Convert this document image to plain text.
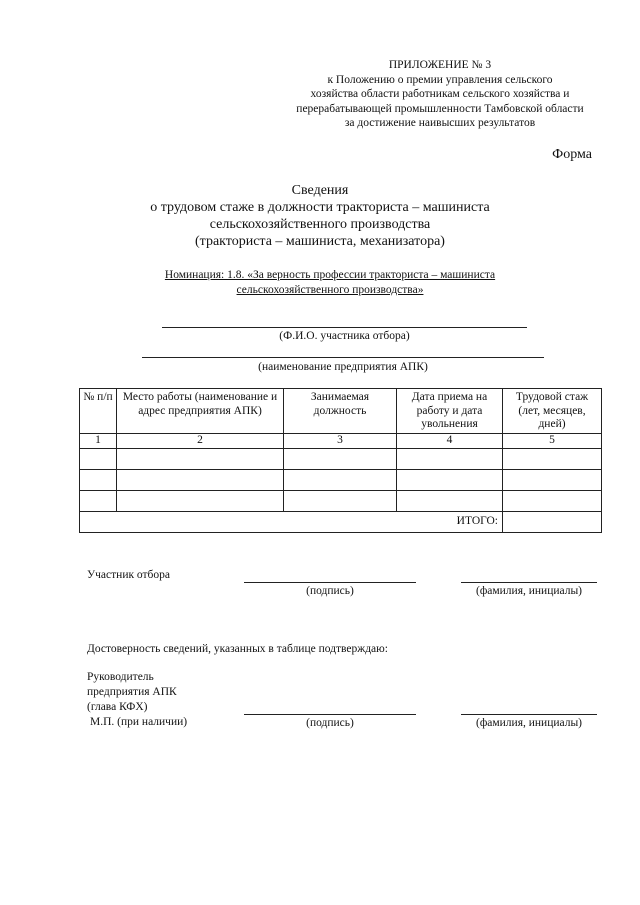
ПРИЛОЖЕНИЕ № 3
к Положению о премии управления сельского
хозяйства области работникам сельского хозяйства и
перерабатывающей промышленности Тамбовской области
за достижение наивысших результатов
Форма
Сведения
о трудовом стаже в должности тракториста – машиниста
сельскохозяйственного производства
(тракториста – машиниста, механизатора)
Номинация: 1.8. «За верность профессии тракториста – машиниста
сельскохозяйственного производства»
(Ф.И.О. участника отбора)
(наименование предприятия АПК)
№ п/п	Место работы (наименование и адрес предприятия АПК)	Занимаемая должность	Дата приема на работу и дата увольнения	Трудовой стаж (лет, месяцев, дней)
1	2	3	4	5

ИТОГО:				
Участник отбора
(подпись)	(фамилия, инициалы)
Достоверность сведений, указанных в таблице подтверждаю:
Руководитель
предприятия АПК
(глава КФХ)
М.П. (при наличии)	(подпись)	(фамилия, инициалы)
